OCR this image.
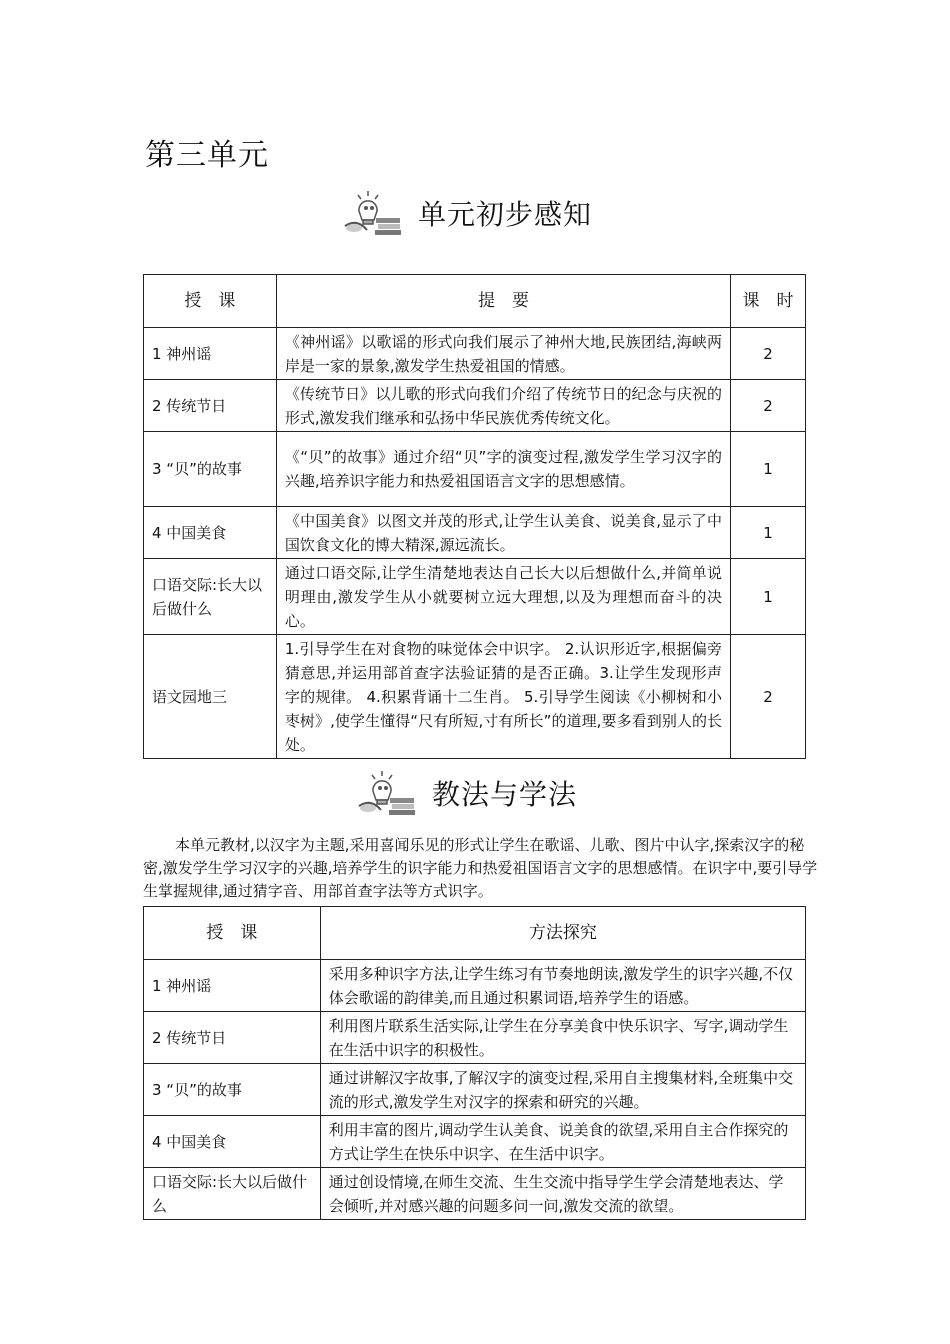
第三单元
单元初步感知
授　课	提　要	课　时
1 神州谣	《神州谣》以歌谣的形式向我们展示了神州大地,民族团结,海峡两岸是一家的景象,激发学生热爱祖国的情感。	2
2 传统节日	《传统节日》以儿歌的形式向我们介绍了传统节日的纪念与庆祝的形式,激发我们继承和弘扬中华民族优秀传统文化。	2
3 “贝”的故事	《“贝”的故事》通过介绍“贝”字的演变过程,激发学生学习汉字的兴趣,培养识字能力和热爱祖国语言文字的思想感情。	1
4 中国美食	《中国美食》以图文并茂的形式,让学生认美食、说美食,显示了中国饮食文化的博大精深,源远流长。	1
口语交际:长大以后做什么	通过口语交际,让学生清楚地表达自己长大以后想做什么,并简单说明理由,激发学生从小就要树立远大理想,以及为理想而奋斗的决心。	1
语文园地三	1.引导学生在对食物的味觉体会中识字。 2.认识形近字,根据偏旁猜意思,并运用部首查字法验证猜的是否正确。3.让学生发现形声字的规律。 4.积累背诵十二生肖。 5.引导学生阅读《小柳树和小枣树》,使学生懂得“尺有所短,寸有所长”的道理,要多看到别人的长处。	2
教法与学法

本单元教材,以汉字为主题,采用喜闻乐见的形式让学生在歌谣、儿歌、图片中认字,探索汉字的秘密,激发学生学习汉字的兴趣,培养学生的识字能力和热爱祖国语言文字的思想感情。在识字中,要引导学生掌握规律,通过猜字音、用部首查字法等方式识字。

授　课	方法探究
1 神州谣	采用多种识字方法,让学生练习有节奏地朗读,激发学生的识字兴趣,不仅体会歌谣的韵律美,而且通过积累词语,培养学生的语感。
2 传统节日	利用图片联系生活实际,让学生在分享美食中快乐识字、写字,调动学生在生活中识字的积极性。
3 “贝”的故事	通过讲解汉字故事,了解汉字的演变过程,采用自主搜集材料,全班集中交流的形式,激发学生对汉字的探索和研究的兴趣。
4 中国美食	利用丰富的图片,调动学生认美食、说美食的欲望,采用自主合作探究的方式让学生在快乐中识字、在生活中识字。
口语交际:长大以后做什么	通过创设情境,在师生交流、生生交流中指导学生学会清楚地表达、学会倾听,并对感兴趣的问题多问一问,激发交流的欲望。
